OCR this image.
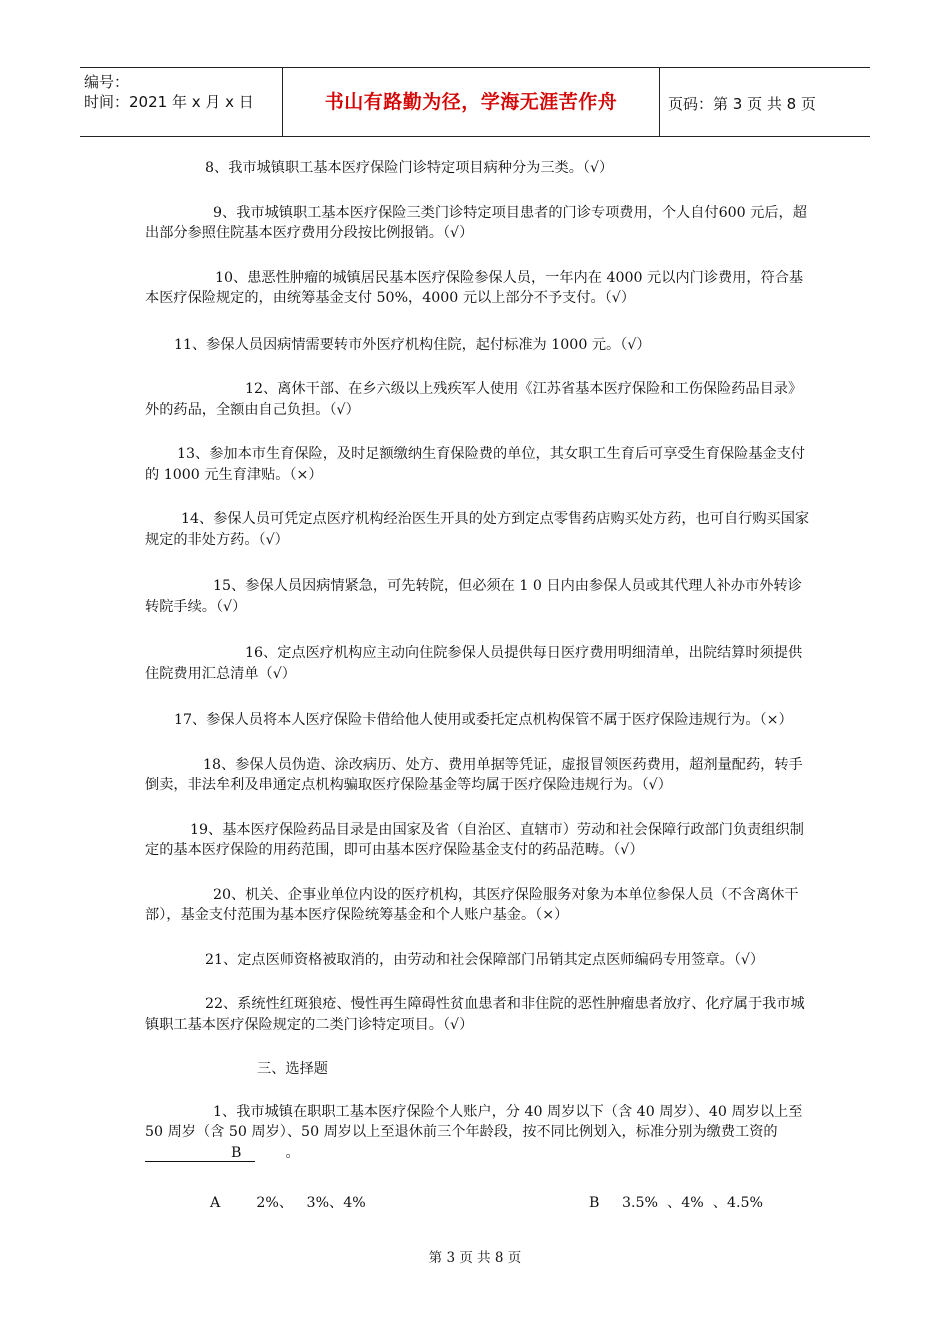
编号：
时间：2021 年 x 月 x 日	书山有路勤为径，学海无涯苦作舟	页码：第 3 页 共 8 页

8、我市城镇职工基本医疗保险门诊特定项目病种分为三类。（√）

9、我市城镇职工基本医疗保险三类门诊特定项目患者的门诊专项费用，个人自付600 元后，超出部分参照住院基本医疗费用分段按比例报销。（√）

10、患恶性肿瘤的城镇居民基本医疗保险参保人员，一年内在 4000 元以内门诊费用，符合基本医疗保险规定的，由统筹基金支付 50%，4000 元以上部分不予支付。（√）

11、参保人员因病情需要转市外医疗机构住院，起付标准为 1000 元。（√）

12、离休干部、在乡六级以上残疾军人使用《江苏省基本医疗保险和工伤保险药品目录》外的药品，全额由自己负担。（√）

13、参加本市生育保险，及时足额缴纳生育保险费的单位，其女职工生育后可享受生育保险基金支付的 1000 元生育津贴。（×）

14、参保人员可凭定点医疗机构经治医生开具的处方到定点零售药店购买处方药，也可自行购买国家规定的非处方药。（√）

15、参保人员因病情紧急，可先转院，但必须在 1 0 日内由参保人员或其代理人补办市外转诊转院手续。（√）

16、定点医疗机构应主动向住院参保人员提供每日医疗费用明细清单，出院结算时须提供住院费用汇总清单（√）

17、参保人员将本人医疗保险卡借给他人使用或委托定点机构保管不属于医疗保险违规行为。（×）

18、参保人员伪造、涂改病历、处方、费用单据等凭证，虚报冒领医药费用，超剂量配药，转手倒卖，非法牟利及串通定点机构骗取医疗保险基金等均属于医疗保险违规行为。（√）

19、基本医疗保险药品目录是由国家及省（自治区、直辖市）劳动和社会保障行政部门负责组织制定的基本医疗保险的用药范围，即可由基本医疗保险基金支付的药品范畴。（√）

20、机关、企事业单位内设的医疗机构，其医疗保险服务对象为本单位参保人员（不含离休干部），基金支付范围为基本医疗保险统筹基金和个人账户基金。（×）

21、定点医师资格被取消的，由劳动和社会保障部门吊销其定点医师编码专用签章。（√）

22、系统性红斑狼疮、慢性再生障碍性贫血患者和非住院的恶性肿瘤患者放疗、化疗属于我市城镇职工基本医疗保险规定的二类门诊特定项目。（√）

三、选择题

1、我市城镇在职职工基本医疗保险个人账户，分 40 周岁以下（含 40 周岁）、40 周岁以上至 50 周岁（含 50 周岁）、50 周岁以上至退休前三个年龄段，按不同比例划入，标准分别为缴费工资的B	。

A        2%、   3%、4%	B     3.5%  、4%  、4.5%
第 3 页 共 8 页
